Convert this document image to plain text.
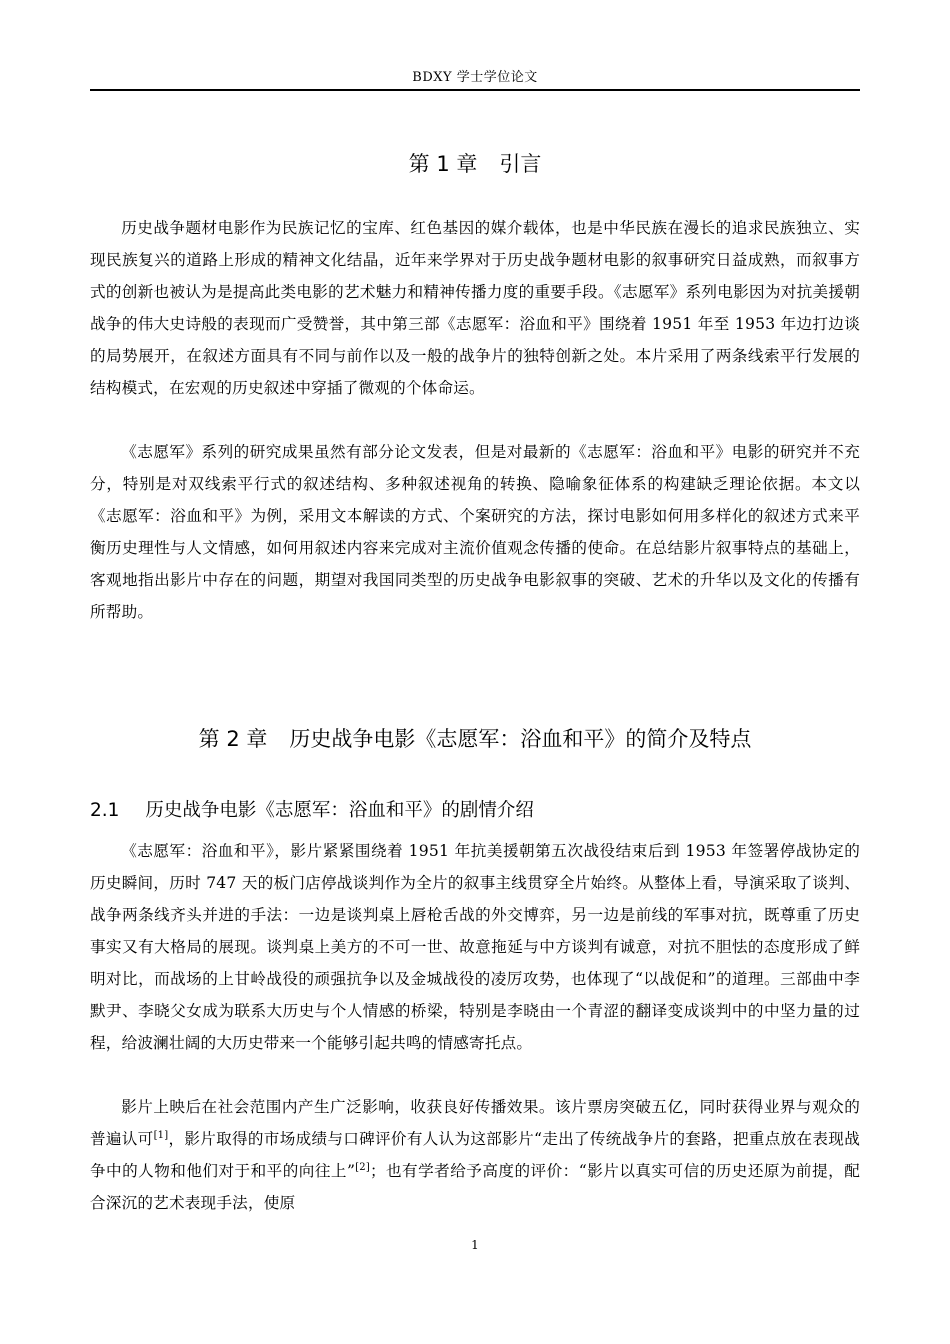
BDXY 学士学位论文
第 1 章 引言

历史战争题材电影作为民族记忆的宝库、红色基因的媒介载体，也是中华民族在漫长的追求民族独立、实现民族复兴的道路上形成的精神文化结晶，近年来学界对于历史战争题材电影的叙事研究日益成熟，而叙事方式的创新也被认为是提高此类电影的艺术魅力和精神传播力度的重要手段。《志愿军》系列电影因为对抗美援朝战争的伟大史诗般的表现而广受赞誉，其中第三部《志愿军：浴血和平》围绕着 1951 年至 1953 年边打边谈的局势展开，在叙述方面具有不同与前作以及一般的战争片的独特创新之处。本片采用了两条线索平行发展的结构模式，在宏观的历史叙述中穿插了微观的个体命运。

《志愿军》系列的研究成果虽然有部分论文发表，但是对最新的《志愿军：浴血和平》电影的研究并不充分，特别是对双线索平行式的叙述结构、多种叙述视角的转换、隐喻象征体系的构建缺乏理论依据。本文以《志愿军：浴血和平》为例，采用文本解读的方式、个案研究的方法，探讨电影如何用多样化的叙述方式来平衡历史理性与人文情感，如何用叙述内容来完成对主流价值观念传播的使命。在总结影片叙事特点的基础上，客观地指出影片中存在的问题，期望对我国同类型的历史战争电影叙事的突破、艺术的升华以及文化的传播有所帮助。

第 2 章 历史战争电影《志愿军：浴血和平》的简介及特点
2.1 历史战争电影《志愿军：浴血和平》的剧情介绍

《志愿军：浴血和平》，影片紧紧围绕着 1951 年抗美援朝第五次战役结束后到 1953 年签署停战协定的历史瞬间，历时 747 天的板门店停战谈判作为全片的叙事主线贯穿全片始终。从整体上看，导演采取了谈判、战争两条线齐头并进的手法：一边是谈判桌上唇枪舌战的外交博弈，另一边是前线的军事对抗，既尊重了历史事实又有大格局的展现。谈判桌上美方的不可一世、故意拖延与中方谈判有诚意，对抗不胆怯的态度形成了鲜明对比，而战场的上甘岭战役的顽强抗争以及金城战役的凌厉攻势，也体现了“以战促和”的道理。三部曲中李默尹、李晓父女成为联系大历史与个人情感的桥梁，特别是李晓由一个青涩的翻译变成谈判中的中坚力量的过程，给波澜壮阔的大历史带来一个能够引起共鸣的情感寄托点。

影片上映后在社会范围内产生广泛影响，收获良好传播效果。该片票房突破五亿，同时获得业界与观众的普遍认可[1]，影片取得的市场成绩与口碑评价有人认为这部影片“走出了传统战争片的套路，把重点放在表现战争中的人物和他们对于和平的向往上”[2]；也有学者给予高度的评价：“影片以真实可信的历史还原为前提，配合深沉的艺术表现手法，使原

1
